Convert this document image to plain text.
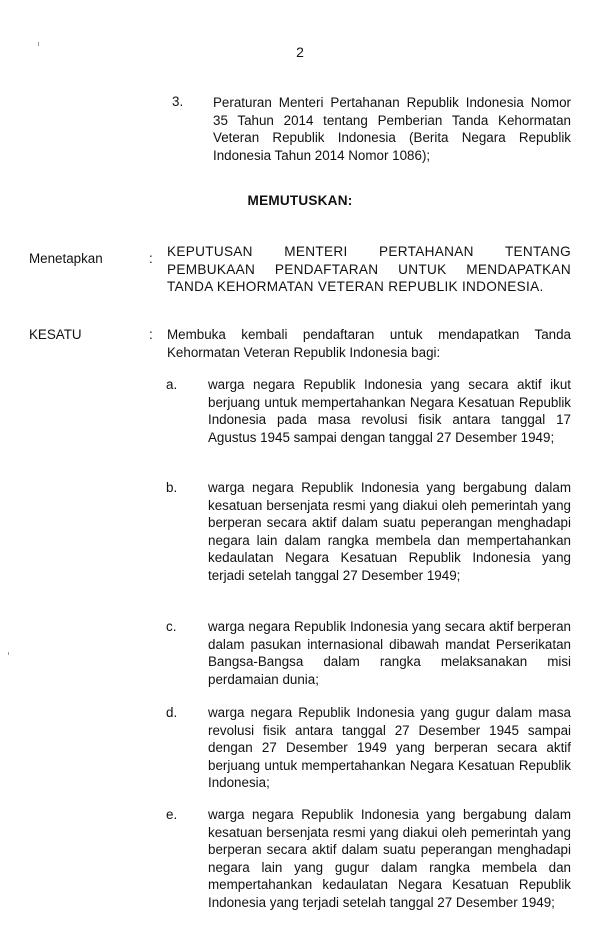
2
3. Peraturan Menteri Pertahanan Republik Indonesia Nomor 35 Tahun 2014 tentang Pemberian Tanda Kehormatan Veteran Republik Indonesia (Berita Negara Republik Indonesia Tahun 2014 Nomor 1086);
MEMUTUSKAN:
Menetapkan	: KEPUTUSAN MENTERI PERTAHANAN TENTANG PEMBUKAAN PENDAFTARAN UNTUK MENDAPATKAN TANDA KEHORMATAN VETERAN REPUBLIK INDONESIA.
KESATU	: Membuka kembali pendaftaran untuk mendapatkan Tanda Kehormatan Veteran Republik Indonesia bagi:
a. warga negara Republik Indonesia yang secara aktif ikut berjuang untuk mempertahankan Negara Kesatuan Republik Indonesia pada masa revolusi fisik antara tanggal 17 Agustus 1945 sampai dengan tanggal 27 Desember 1949;
b. warga negara Republik Indonesia yang bergabung dalam kesatuan bersenjata resmi yang diakui oleh pemerintah yang berperan secara aktif dalam suatu peperangan menghadapi negara lain dalam rangka membela dan mempertahankan kedaulatan Negara Kesatuan Republik Indonesia yang terjadi setelah tanggal 27 Desember 1949;
c. warga negara Republik Indonesia yang secara aktif berperan dalam pasukan internasional dibawah mandat Perserikatan Bangsa-Bangsa dalam rangka melaksanakan misi perdamaian dunia;
d. warga negara Republik Indonesia yang gugur dalam masa revolusi fisik antara tanggal 27 Desember 1945 sampai dengan 27 Desember 1949 yang berperan secara aktif berjuang untuk mempertahankan Negara Kesatuan Republik Indonesia;
e. warga negara Republik Indonesia yang bergabung dalam kesatuan bersenjata resmi yang diakui oleh pemerintah yang berperan secara aktif dalam suatu peperangan menghadapi negara lain yang gugur dalam rangka membela dan mempertahankan kedaulatan Negara Kesatuan Republik Indonesia yang terjadi setelah tanggal 27 Desember 1949;
